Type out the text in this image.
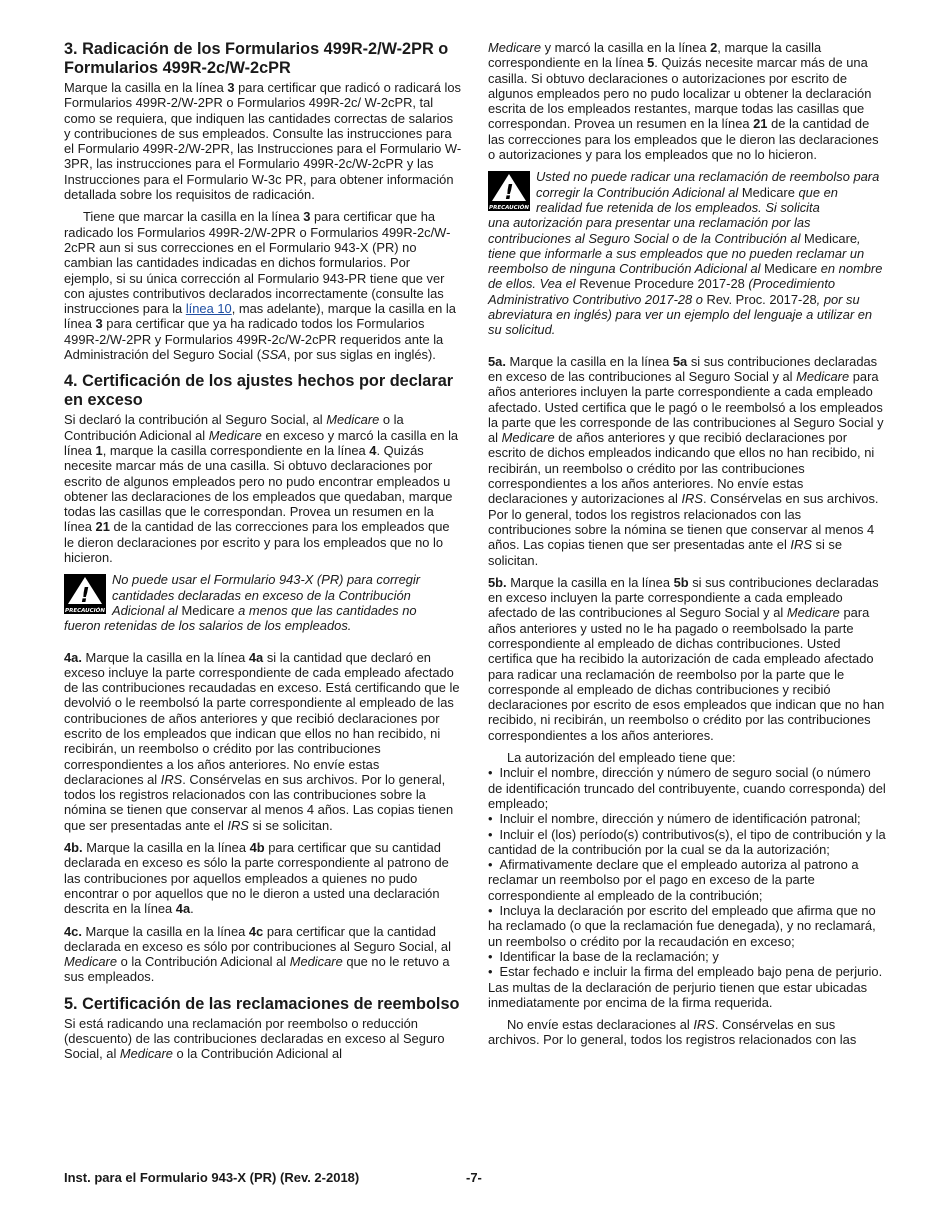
3. Radicación de los Formularios 499R-2/W-2PR o Formularios 499R-2c/W-2cPR

Marque la casilla en la línea 3 para certificar que radicó o radicará los Formularios 499R-2/W-2PR o Formularios 499R-2c/ W-2cPR, tal como se requiera, que indiquen las cantidades correctas de salarios y contribuciones de sus empleados. Consulte las instrucciones para el Formulario 499R-2/W-2PR, las Instrucciones para el Formulario W-3PR, las instrucciones para el Formulario 499R-2c/W-2cPR y las Instrucciones para el Formulario W-3c PR, para obtener información detallada sobre los requisitos de radicación.

Tiene que marcar la casilla en la línea 3 para certificar que ha radicado los Formularios 499R-2/W-2PR o Formularios 499R-2c/W-2cPR aun si sus correcciones en el Formulario 943-X (PR) no cambian las cantidades indicadas en dichos formularios. Por ejemplo, si su única corrección al Formulario 943-PR tiene que ver con ajustes contributivos declarados incorrectamente (consulte las instrucciones para la línea 10, mas adelante), marque la casilla en la línea 3 para certificar que ya ha radicado todos los Formularios 499R-2/W-2PR y Formularios 499R-2c/W-2cPR requeridos ante la Administración del Seguro Social (SSA, por sus siglas en inglés).

4. Certificación de los ajustes hechos por declarar en exceso

Si declaró la contribución al Seguro Social, al Medicare o la Contribución Adicional al Medicare en exceso y marcó la casilla en la línea 1, marque la casilla correspondiente en la línea 4. Quizás necesite marcar más de una casilla. Si obtuvo declaraciones por escrito de algunos empleados pero no pudo encontrar empleados u obtener las declaraciones de los empleados que quedaban, marque todas las casillas que le correspondan. Provea un resumen en la línea 21 de la cantidad de las correcciones para los empleados que le dieron declaraciones por escrito y para los empleados que no lo hicieron.

!
PRECAUCIÓN
No puede usar el Formulario 943-X (PR) para corregir cantidades declaradas en exceso de la Contribución Adicional al Medicare a menos que las cantidades no
fueron retenidas de los salarios de los empleados.

4a. Marque la casilla en la línea 4a si la cantidad que declaró en exceso incluye la parte correspondiente de cada empleado afectado de las contribuciones recaudadas en exceso. Está certificando que le devolvió o le reembolsó la parte correspondiente al empleado de las contribuciones de años anteriores y que recibió declaraciones por escrito de los empleados que indican que ellos no han recibido, ni recibirán, un reembolso o crédito por las contribuciones correspondientes a los años anteriores. No envíe estas declaraciones al IRS. Consérvelas en sus archivos. Por lo general, todos los registros relacionados con las contribuciones sobre la nómina se tienen que conservar al menos 4 años. Las copias tienen que ser presentadas ante el IRS si se solicitan.

4b. Marque la casilla en la línea 4b para certificar que su cantidad declarada en exceso es sólo la parte correspondiente al patrono de las contribuciones por aquellos empleados a quienes no pudo encontrar o por aquellos que no le dieron a usted una declaración descrita en la línea 4a.

4c. Marque la casilla en la línea 4c para certificar que la cantidad declarada en exceso es sólo por contribuciones al Seguro Social, al Medicare o la Contribución Adicional al Medicare que no le retuvo a sus empleados.

5. Certificación de las reclamaciones de reembolso

Si está radicando una reclamación por reembolso o reducción (descuento) de las contribuciones declaradas en exceso al Seguro Social, al Medicare o la Contribución Adicional al

Medicare y marcó la casilla en la línea 2, marque la casilla correspondiente en la línea 5. Quizás necesite marcar más de una casilla. Si obtuvo declaraciones o autorizaciones por escrito de algunos empleados pero no pudo localizar u obtener la declaración escrita de los empleados restantes, marque todas las casillas que correspondan. Provea un resumen en la línea 21 de la cantidad de las correcciones para los empleados que le dieron las declaraciones o autorizaciones y para los empleados que no lo hicieron.

!
PRECAUCIÓN
Usted no puede radicar una reclamación de reembolso para corregir la Contribución Adicional al Medicare que en realidad fue retenida de los empleados. Si solicita
una autorización para presentar una reclamación por las contribuciones al Seguro Social o de la Contribución al Medicare, tiene que informarle a sus empleados que no pueden reclamar un reembolso de ninguna Contribución Adicional al Medicare en nombre de ellos. Vea el Revenue Procedure 2017-28 (Procedimiento Administrativo Contributivo 2017-28 o Rev. Proc. 2017-28, por su abreviatura en inglés) para ver un ejemplo del lenguaje a utilizar en su solicitud.

5a. Marque la casilla en la línea 5a si sus contribuciones declaradas en exceso de las contribuciones al Seguro Social y al Medicare para años anteriores incluyen la parte correspondiente a cada empleado afectado. Usted certifica que le pagó o le reembolsó a los empleados la parte que les corresponde de las contribuciones al Seguro Social y al Medicare de años anteriores y que recibió declaraciones por escrito de dichos empleados indicando que ellos no han recibido, ni recibirán, un reembolso o crédito por las contribuciones correspondientes a los años anteriores. No envíe estas declaraciones y autorizaciones al IRS. Consérvelas en sus archivos. Por lo general, todos los registros relacionados con las contribuciones sobre la nómina se tienen que conservar al menos 4 años. Las copias tienen que ser presentadas ante el IRS si se solicitan.

5b. Marque la casilla en la línea 5b si sus contribuciones declaradas en exceso incluyen la parte correspondiente a cada empleado afectado de las contribuciones al Seguro Social y al Medicare para años anteriores y usted no le ha pagado o reembolsado la parte correspondiente al empleado de dichas contribuciones. Usted certifica que ha recibido la autorización de cada empleado afectado para radicar una reclamación de reembolso por la parte que le corresponde al empleado de dichas contribuciones y recibió declaraciones por escrito de esos empleados que indican que no han recibido, ni recibirán, un reembolso o crédito por las contribuciones correspondientes a los años anteriores.

La autorización del empleado tiene que:

• Incluir el nombre, dirección y número de seguro social (o número de identificación truncado del contribuyente, cuando corresponda) del empleado;
• Incluir el nombre, dirección y número de identificación patronal;
• Incluir el (los) período(s) contributivos(s), el tipo de contribución y la cantidad de la contribución por la cual se da la autorización;
• Afirmativamente declare que el empleado autoriza al patrono a reclamar un reembolso por el pago en exceso de la parte correspondiente al empleado de la contribución;
• Incluya la declaración por escrito del empleado que afirma que no ha reclamado (o que la reclamación fue denegada), y no reclamará, un reembolso o crédito por la recaudación en exceso;
• Identificar la base de la reclamación; y
• Estar fechado e incluir la firma del empleado bajo pena de perjurio. Las multas de la declaración de perjurio tienen que estar ubicadas inmediatamente por encima de la firma requerida.

No envíe estas declaraciones al IRS. Consérvelas en sus archivos. Por lo general, todos los registros relacionados con las

Inst. para el Formulario 943-X (PR) (Rev. 2-2018)	-7-
